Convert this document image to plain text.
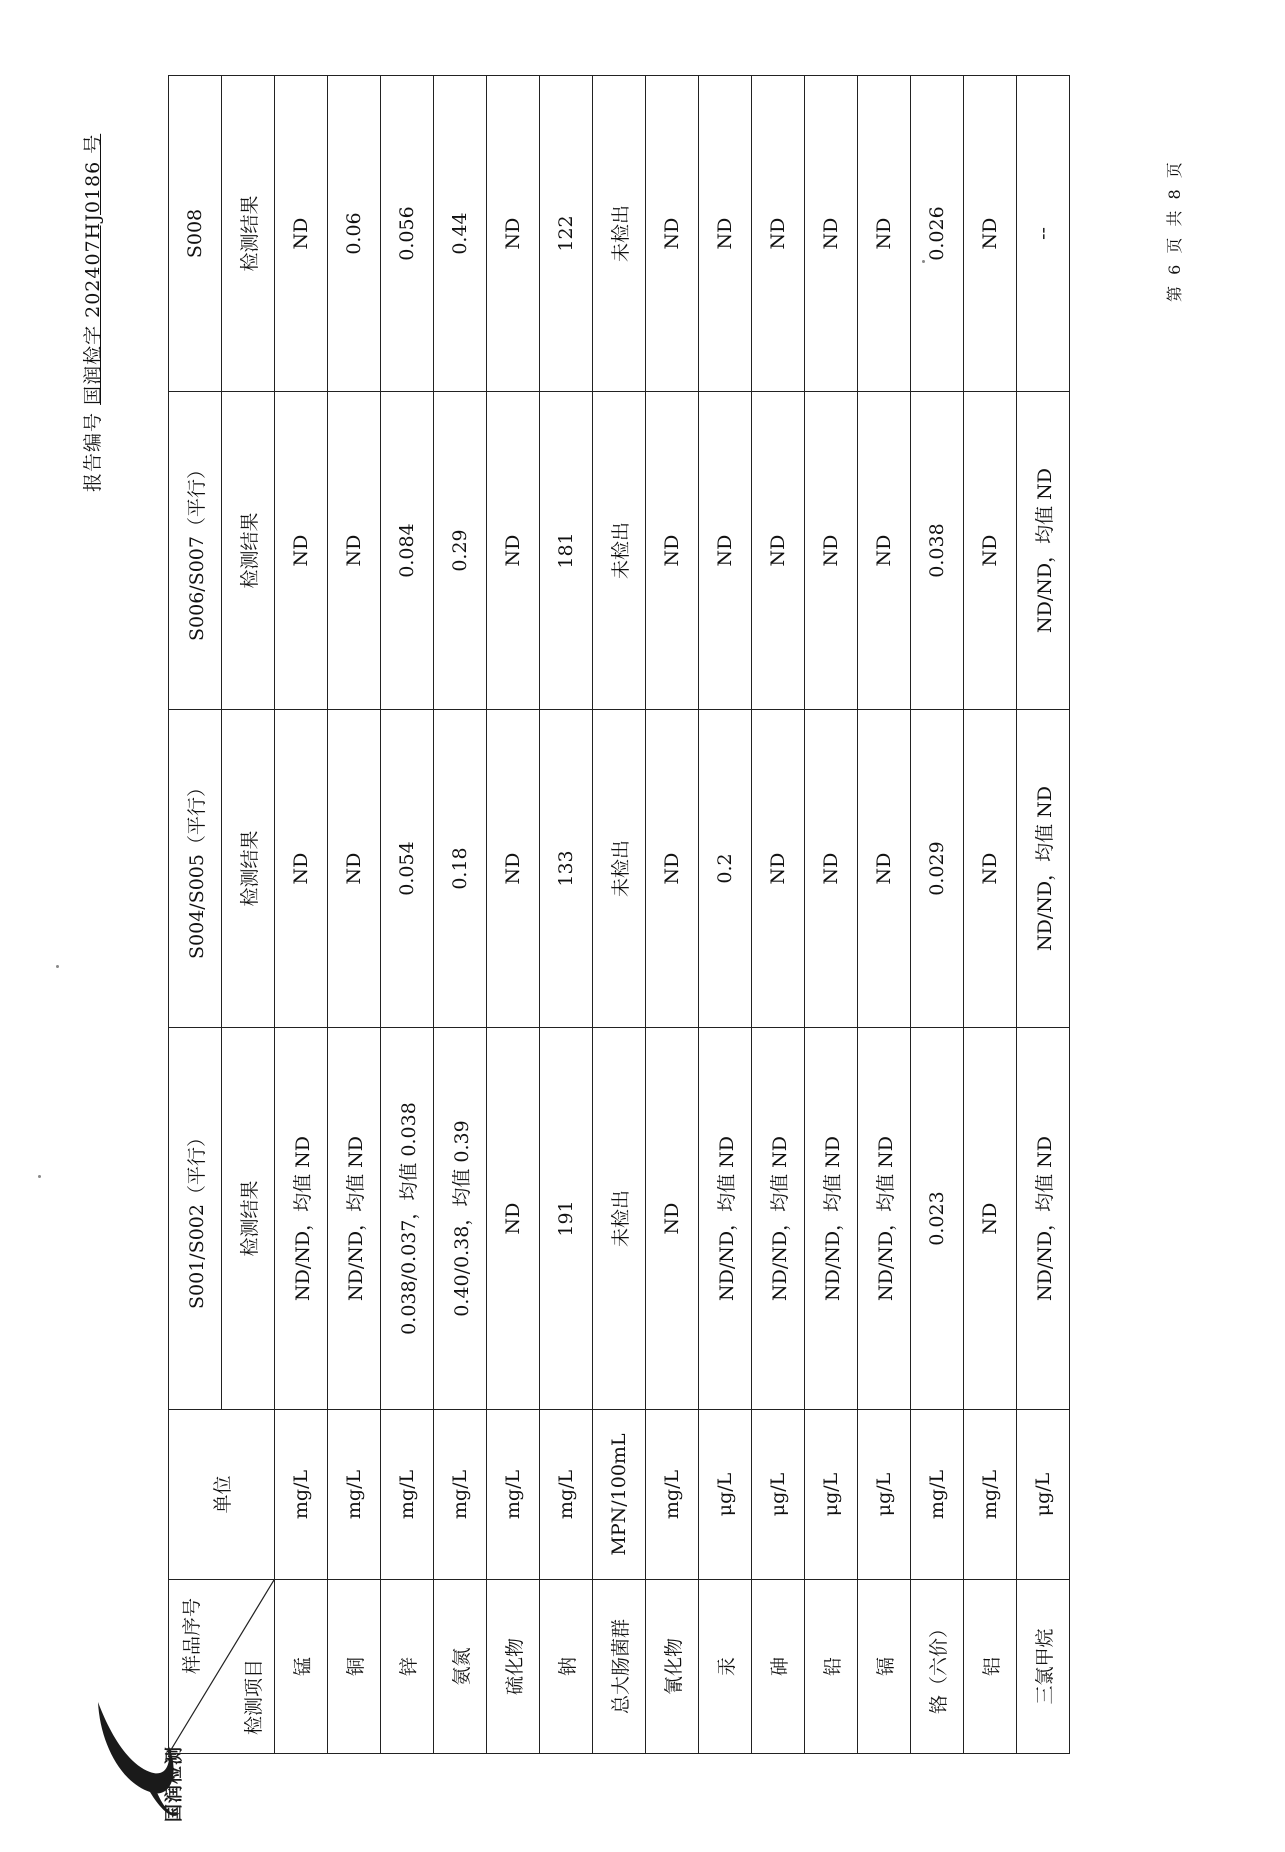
国润检测
报告编号 国润检字 202407HJ0186 号
样品序号
检测项目	单位	S001/S002（平行）	S004/S005（平行）	S006/S007（平行）	S008
		检测结果	检测结果	检测结果	检测结果
锰	mg/L	ND/ND，均值 ND	ND	ND	ND
铜	mg/L	ND/ND，均值 ND	ND	ND	0.06
锌	mg/L	0.038/0.037，均值 0.038	0.054	0.084	0.056
氨氮	mg/L	0.40/0.38，均值 0.39	0.18	0.29	0.44
硫化物	mg/L	ND	ND	ND	ND
钠	mg/L	191	133	181	122
总大肠菌群	MPN/100mL	未检出	未检出	未检出	未检出
氰化物	mg/L	ND	ND	ND	ND
汞	μg/L	ND/ND，均值 ND	0.2	ND	ND
砷	μg/L	ND/ND，均值 ND	ND	ND	ND
铅	μg/L	ND/ND，均值 ND	ND	ND	ND
镉	μg/L	ND/ND，均值 ND	ND	ND	ND
铬（六价）	mg/L	0.023	0.029	0.038	0.026
铝	mg/L	ND	ND	ND	ND
三氯甲烷	μg/L	ND/ND，均值 ND	ND/ND，均值 ND	ND/ND，均值 ND	--	第 6 页 共 8 页
